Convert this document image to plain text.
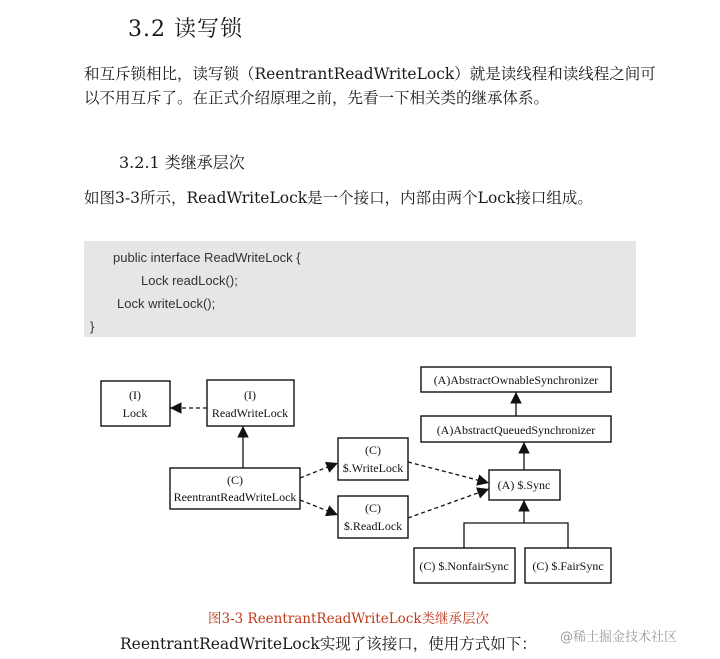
3.2 读写锁
和互斥锁相比，读写锁（ReentrantReadWriteLock）就是读线程和读线程之间可以不用互斥了。在正式介绍原理之前，先看一下相关类的继承体系。
3.2.1 类继承层次
如图3-3所示，ReadWriteLock是一个接口，内部由两个Lock接口组成。
public interface ReadWriteLock {
Lock readLock();
Lock writeLock();
}
(I)
Lock
(I)
ReadWriteLock
(C)
ReentrantReadWriteLock
(C)
$.WriteLock
(C)
$.ReadLock
(A)AbstractOwnableSynchronizer
(A)AbstractQueuedSynchronizer
(A) $.Sync
(C) $.NonfairSync (C) $.FairSync
图3-3 ReentrantReadWriteLock类继承层次
ReentrantReadWriteLock实现了该接口，使用方式如下： @稀土掘金技术社区
